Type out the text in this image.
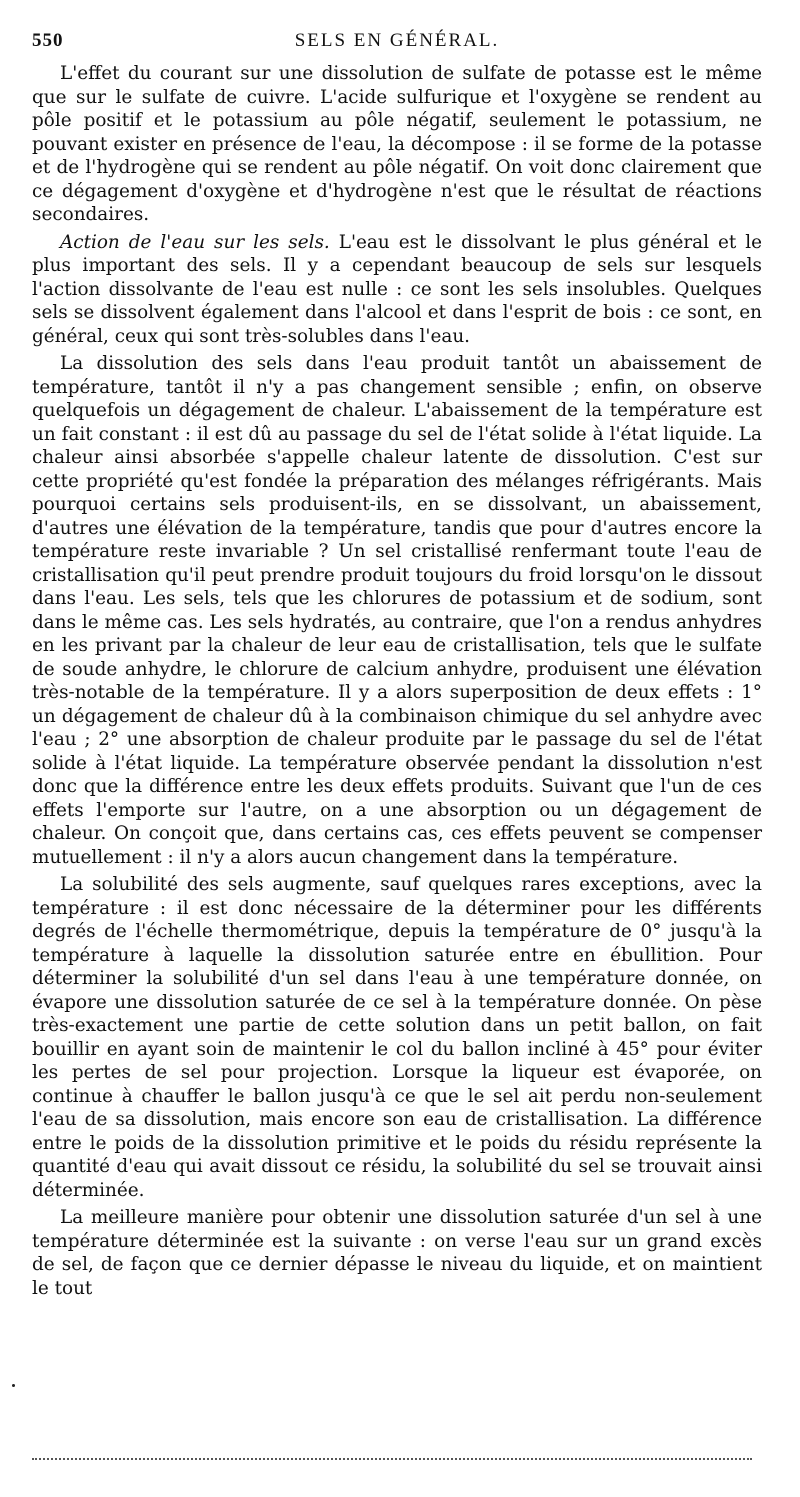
550	SELS EN GÉNÉRAL.

L'effet du courant sur une dissolution de sulfate de potasse est le même que sur le sulfate de cuivre. L'acide sulfurique et l'oxygène se rendent au pôle positif et le potassium au pôle négatif, seulement le potassium, ne pouvant exister en présence de l'eau, la décompose : il se forme de la potasse et de l'hydrogène qui se rendent au pôle négatif. On voit donc clairement que ce dégagement d'oxygène et d'hydrogène n'est que le résultat de réactions secondaires.

Action de l'eau sur les sels. L'eau est le dissolvant le plus général et le plus important des sels. Il y a cependant beaucoup de sels sur lesquels l'action dissolvante de l'eau est nulle : ce sont les sels insolubles. Quelques sels se dissolvent également dans l'alcool et dans l'esprit de bois : ce sont, en général, ceux qui sont très-solubles dans l'eau.

La dissolution des sels dans l'eau produit tantôt un abaissement de température, tantôt il n'y a pas changement sensible ; enfin, on observe quelquefois un dégagement de chaleur. L'abaissement de la température est un fait constant : il est dû au passage du sel de l'état solide à l'état liquide. La chaleur ainsi absorbée s'appelle chaleur latente de dissolution. C'est sur cette propriété qu'est fondée la préparation des mélanges réfrigérants. Mais pourquoi certains sels produisent-ils, en se dissolvant, un abaissement, d'autres une élévation de la température, tandis que pour d'autres encore la température reste invariable ? Un sel cristallisé renfermant toute l'eau de cristallisation qu'il peut prendre produit toujours du froid lorsqu'on le dissout dans l'eau. Les sels, tels que les chlorures de potassium et de sodium, sont dans le même cas. Les sels hydratés, au contraire, que l'on a rendus anhydres en les privant par la chaleur de leur eau de cristallisation, tels que le sulfate de soude anhydre, le chlorure de calcium anhydre, produisent une élévation très-notable de la température. Il y a alors superposition de deux effets : 1° un dégagement de chaleur dû à la combinaison chimique du sel anhydre avec l'eau ; 2° une absorption de chaleur produite par le passage du sel de l'état solide à l'état liquide. La température observée pendant la dissolution n'est donc que la différence entre les deux effets produits. Suivant que l'un de ces effets l'emporte sur l'autre, on a une absorption ou un dégagement de chaleur. On conçoit que, dans certains cas, ces effets peuvent se compenser mutuellement : il n'y a alors aucun changement dans la température.

La solubilité des sels augmente, sauf quelques rares exceptions, avec la température : il est donc nécessaire de la déterminer pour les différents degrés de l'échelle thermométrique, depuis la température de 0° jusqu'à la température à laquelle la dissolution saturée entre en ébullition. Pour déterminer la solubilité d'un sel dans l'eau à une température donnée, on évapore une dissolution saturée de ce sel à la température donnée. On pèse très-exactement une partie de cette solution dans un petit ballon, on fait bouillir en ayant soin de maintenir le col du ballon incliné à 45° pour éviter les pertes de sel pour projection. Lorsque la liqueur est évaporée, on continue à chauffer le ballon jusqu'à ce que le sel ait perdu non-seulement l'eau de sa dissolution, mais encore son eau de cristallisation. La différence entre le poids de la dissolution primitive et le poids du résidu représente la quantité d'eau qui avait dissout ce résidu, la solubilité du sel se trouvait ainsi déterminée.

La meilleure manière pour obtenir une dissolution saturée d'un sel à une température déterminée est la suivante : on verse l'eau sur un grand excès de sel, de façon que ce dernier dépasse le niveau du liquide, et on maintient le tout
